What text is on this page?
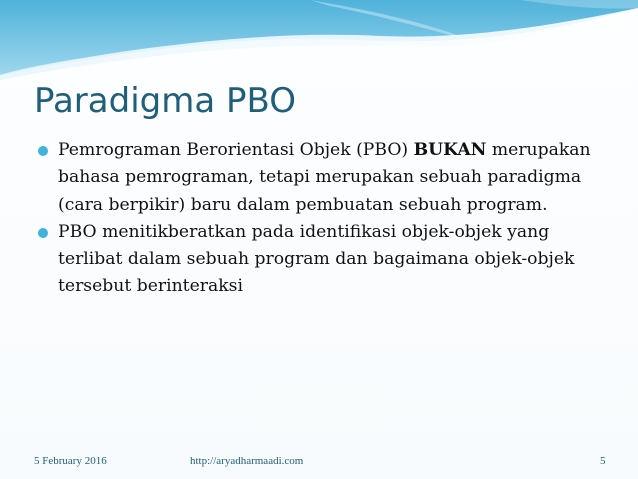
Paradigma PBO
Pemrograman Berorientasi Objek (PBO) BUKAN merupakan bahasa pemrograman, tetapi merupakan sebuah paradigma (cara berpikir) baru dalam pembuatan sebuah program.
PBO menitikberatkan pada identifikasi objek-objek yang terlibat dalam sebuah program dan bagaimana objek-objek tersebut berinteraksi
5 February 2016	http://aryadharmaadi.com	5
